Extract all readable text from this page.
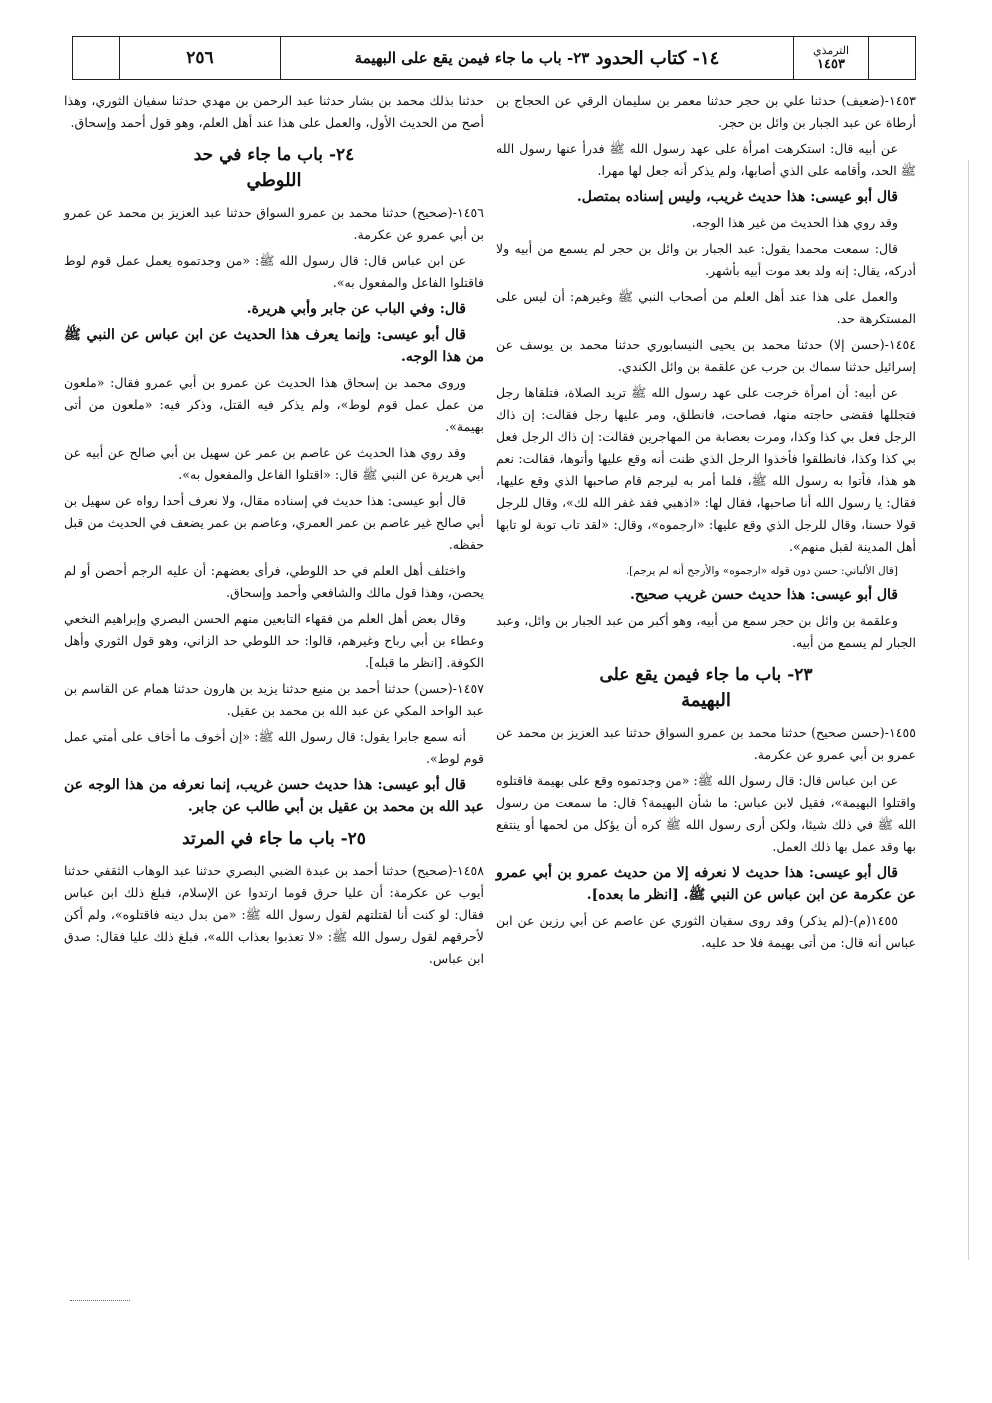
٢٥٦	١٤- كتاب الحدود
٢٣- باب ما جاء فيمن يقع على البهيمة	الترمذي
١٤٥٣

١٤٥٣-(ضعيف) حدثنا علي بن حجر حدثنا معمر بن سليمان الرقي عن الحجاج بن أرطاة عن عبد الجبار بن وائل بن حجر.

عن أبيه قال: استكرهت امرأة على عهد رسول الله ﷺ فدرأ عنها رسول الله ﷺ الحد، وأقامه على الذي أصابها، ولم يذكر أنه جعل لها مهرا.

قال أبو عيسى: هذا حديث غريب، وليس إسناده بمتصل.

وقد روي هذا الحديث من غير هذا الوجه.

قال: سمعت محمدا يقول: عبد الجبار بن وائل بن حجر لم يسمع من أبيه ولا أدركه، يقال: إنه ولد بعد موت أبيه بأشهر.

والعمل على هذا عند أهل العلم من أصحاب النبي ﷺ وغيرهم: أن ليس على المستكرهة حد.

١٤٥٤-(حسن إلا) حدثنا محمد بن يحيى النيسابوري حدثنا محمد بن يوسف عن إسرائيل حدثنا سماك بن حرب عن علقمة بن وائل الكندي.

عن أبيه: أن امرأة خرجت على عهد رسول الله ﷺ تريد الصلاة، فتلقاها رجل فتجللها فقضى حاجته منها، فصاحت، فانطلق، ومر عليها رجل فقالت: إن ذاك الرجل فعل بي كذا وكذا، ومرت بعصابة من المهاجرين فقالت: إن ذاك الرجل فعل بي كذا وكذا، فانطلقوا فأخذوا الرجل الذي ظنت أنه وقع عليها وأتوها، فقالت: نعم هو هذا، فأتوا به رسول الله ﷺ، فلما أمر به ليرجم قام صاحبها الذي وقع عليها، فقال: يا رسول الله أنا صاحبها، فقال لها: «اذهبي فقد غفر الله لك»، وقال للرجل قولا حسنا، وقال للرجل الذي وقع عليها: «ارجموه»، وقال: «لقد تاب توبة لو تابها أهل المدينة لقبل منهم».

[قال الألباني: حسن دون قوله «ارجموه» والأرجح أنه لم يرجم].

قال أبو عيسى: هذا حديث حسن غريب صحيح.

وعلقمة بن وائل بن حجر سمع من أبيه، وهو أكبر من عبد الجبار بن وائل، وعبد الجبار لم يسمع من أبيه.

٢٣- باب ما جاء فيمن يقع على
البهيمة

١٤٥٥-(حسن صحيح) حدثنا محمد بن عمرو السواق حدثنا عبد العزيز بن محمد عن عمرو بن أبي عمرو عن عكرمة.

عن ابن عباس قال: قال رسول الله ﷺ: «من وجدتموه وقع على بهيمة فاقتلوه واقتلوا البهيمة»، فقيل لابن عباس: ما شأن البهيمة؟ قال: ما سمعت من رسول الله ﷺ في ذلك شيئا، ولكن أرى رسول الله ﷺ كره أن يؤكل من لحمها أو ينتفع بها وقد عمل بها ذلك العمل.

قال أبو عيسى: هذا حديث لا نعرفه إلا من حديث عمرو بن أبي عمرو عن عكرمة عن ابن عباس عن النبي ﷺ. [انظر ما بعده].

١٤٥٥(م)-(لم يذكر) وقد روى سفيان الثوري عن عاصم عن أبي رزين عن ابن عباس أنه قال: من أتى بهيمة فلا حد عليه.

حدثنا بذلك محمد بن بشار حدثنا عبد الرحمن بن مهدي حدثنا سفيان الثوري، وهذا أصح من الحديث الأول، والعمل على هذا عند أهل العلم، وهو قول أحمد وإسحاق.

٢٤- باب ما جاء في حد
اللوطي

١٤٥٦-(صحيح) حدثنا محمد بن عمرو السواق حدثنا عبد العزيز بن محمد عن عمرو بن أبي عمرو عن عكرمة.

عن ابن عباس قال: قال رسول الله ﷺ: «من وجدتموه يعمل عمل قوم لوط فاقتلوا الفاعل والمفعول به».

قال: وفي الباب عن جابر وأبي هريرة.

قال أبو عيسى: وإنما يعرف هذا الحديث عن ابن عباس عن النبي ﷺ من هذا الوجه.

وروى محمد بن إسحاق هذا الحديث عن عمرو بن أبي عمرو فقال: «ملعون من عمل عمل قوم لوط»، ولم يذكر فيه القتل، وذكر فيه: «ملعون من أتى بهيمة».

وقد روي هذا الحديث عن عاصم بن عمر عن سهيل بن أبي صالح عن أبيه عن أبي هريرة عن النبي ﷺ قال: «اقتلوا الفاعل والمفعول به».

قال أبو عيسى: هذا حديث في إسناده مقال، ولا نعرف أحدا رواه عن سهيل بن أبي صالح غير عاصم بن عمر العمري، وعاصم بن عمر يضعف في الحديث من قبل حفظه.

واختلف أهل العلم في حد اللوطي، فرأى بعضهم: أن عليه الرجم أحصن أو لم يحصن، وهذا قول مالك والشافعي وأحمد وإسحاق.

وقال بعض أهل العلم من فقهاء التابعين منهم الحسن البصري وإبراهيم النخعي وعطاء بن أبي رباح وغيرهم، قالوا: حد اللوطي حد الزاني، وهو قول الثوري وأهل الكوفة. [انظر ما قبله].

١٤٥٧-(حسن) حدثنا أحمد بن منيع حدثنا يزيد بن هارون حدثنا همام عن القاسم بن عبد الواحد المكي عن عبد الله بن محمد بن عقيل.

أنه سمع جابرا يقول: قال رسول الله ﷺ: «إن أخوف ما أخاف على أمتي عمل قوم لوط».

قال أبو عيسى: هذا حديث حسن غريب، إنما نعرفه من هذا الوجه عن عبد الله بن محمد بن عقيل بن أبي طالب عن جابر.

٢٥- باب ما جاء في المرتد

١٤٥٨-(صحيح) حدثنا أحمد بن عبدة الضبي البصري حدثنا عبد الوهاب الثقفي حدثنا أيوب عن عكرمة: أن عليا حرق قوما ارتدوا عن الإسلام، فبلغ ذلك ابن عباس فقال: لو كنت أنا لقتلتهم لقول رسول الله ﷺ: «من بدل دينه فاقتلوه»، ولم أكن لأحرقهم لقول رسول الله ﷺ: «لا تعذبوا بعذاب الله»، فبلغ ذلك عليا فقال: صدق ابن عباس.
